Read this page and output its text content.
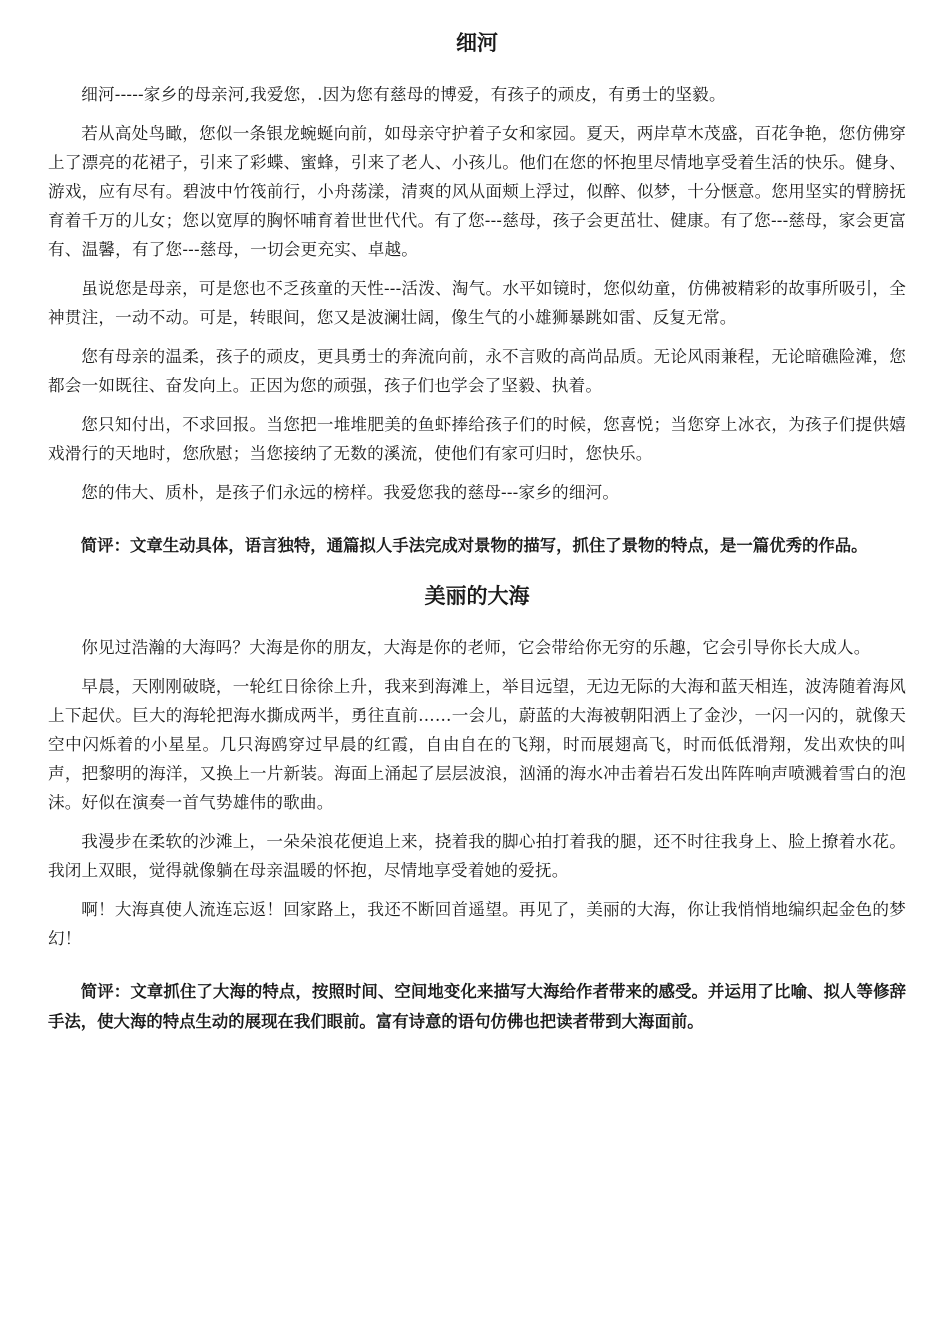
细河

细河-----家乡的母亲河,我爱您，.因为您有慈母的博爱，有孩子的顽皮，有勇士的坚毅。

若从高处鸟瞰，您似一条银龙蜿蜒向前，如母亲守护着子女和家园。夏天，两岸草木茂盛，百花争艳，您仿佛穿上了漂亮的花裙子，引来了彩蝶、蜜蜂，引来了老人、小孩儿。他们在您的怀抱里尽情地享受着生活的快乐。健身、游戏，应有尽有。碧波中竹筏前行，小舟荡漾，清爽的风从面颊上浮过，似醉、似梦，十分惬意。您用坚实的臂膀抚育着千万的儿女；您以宽厚的胸怀哺育着世世代代。有了您---慈母，孩子会更茁壮、健康。有了您---慈母，家会更富有、温馨，有了您---慈母，一切会更充实、卓越。

虽说您是母亲，可是您也不乏孩童的天性---活泼、淘气。水平如镜时，您似幼童，仿佛被精彩的故事所吸引，全神贯注，一动不动。可是，转眼间，您又是波澜壮阔，像生气的小雄狮暴跳如雷、反复无常。

您有母亲的温柔，孩子的顽皮，更具勇士的奔流向前，永不言败的高尚品质。无论风雨兼程，无论暗礁险滩，您都会一如既往、奋发向上。正因为您的顽强，孩子们也学会了坚毅、执着。

您只知付出，不求回报。当您把一堆堆肥美的鱼虾捧给孩子们的时候，您喜悦；当您穿上冰衣，为孩子们提供嬉戏滑行的天地时，您欣慰；当您接纳了无数的溪流，使他们有家可归时，您快乐。

您的伟大、质朴，是孩子们永远的榜样。我爱您我的慈母---家乡的细河。

简评：文章生动具体，语言独特，通篇拟人手法完成对景物的描写，抓住了景物的特点，是一篇优秀的作品。

美丽的大海

你见过浩瀚的大海吗？大海是你的朋友，大海是你的老师，它会带给你无穷的乐趣，它会引导你长大成人。

早晨，天刚刚破晓，一轮红日徐徐上升，我来到海滩上，举目远望，无边无际的大海和蓝天相连，波涛随着海风上下起伏。巨大的海轮把海水撕成两半，勇往直前……一会儿，蔚蓝的大海被朝阳洒上了金沙，一闪一闪的，就像天空中闪烁着的小星星。几只海鸥穿过早晨的红霞，自由自在的飞翔，时而展翅高飞，时而低低滑翔，发出欢快的叫声，把黎明的海洋，又换上一片新装。海面上涌起了层层波浪，汹涌的海水冲击着岩石发出阵阵响声喷溅着雪白的泡沫。好似在演奏一首气势雄伟的歌曲。

我漫步在柔软的沙滩上，一朵朵浪花便追上来，挠着我的脚心拍打着我的腿，还不时往我身上、脸上撩着水花。我闭上双眼，觉得就像躺在母亲温暖的怀抱，尽情地享受着她的爱抚。

啊！大海真使人流连忘返！回家路上，我还不断回首遥望。再见了，美丽的大海，你让我悄悄地编织起金色的梦幻！

简评：文章抓住了大海的特点，按照时间、空间地变化来描写大海给作者带来的感受。并运用了比喻、拟人等修辞手法，使大海的特点生动的展现在我们眼前。富有诗意的语句仿佛也把读者带到大海面前。
